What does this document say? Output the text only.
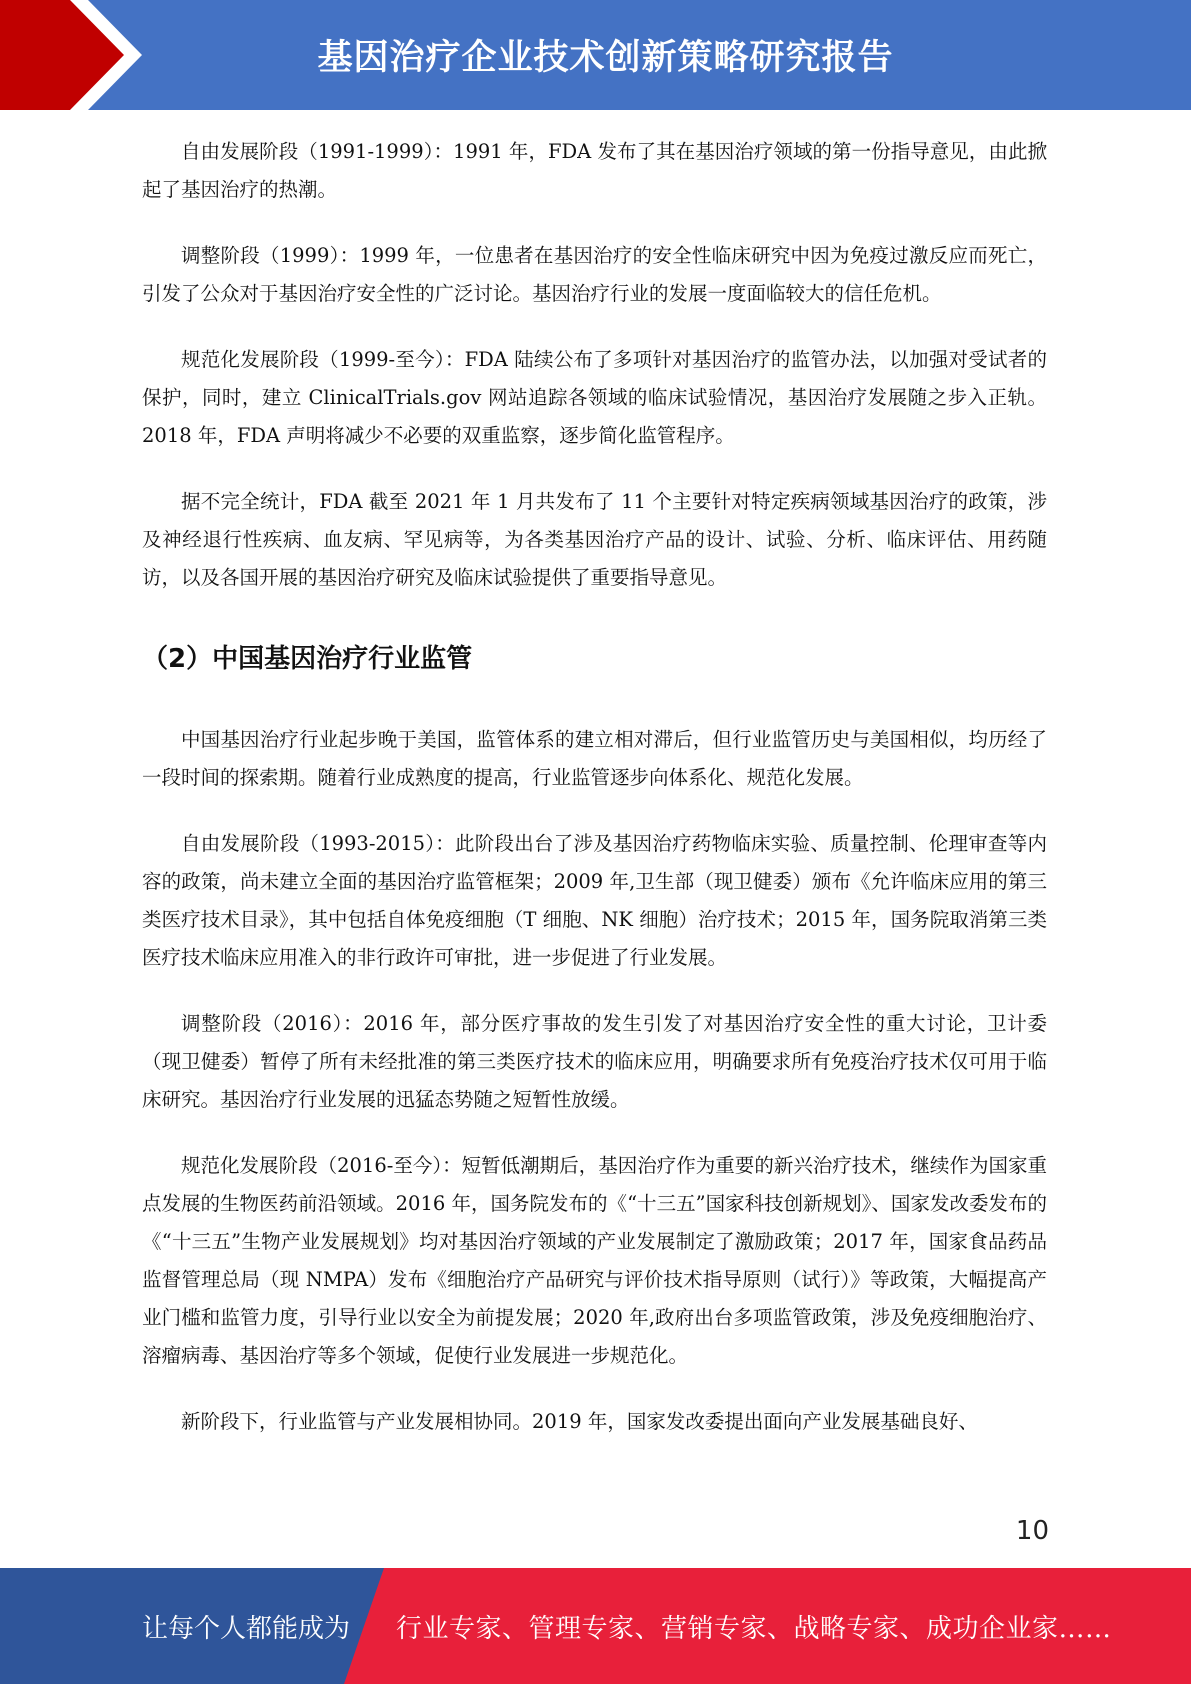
基因治疗企业技术创新策略研究报告

自由发展阶段（1991-1999）：1991 年，FDA 发布了其在基因治疗领域的第一份指导意见，由此掀起了基因治疗的热潮。

调整阶段（1999）：1999 年，一位患者在基因治疗的安全性临床研究中因为免疫过激反应而死亡，引发了公众对于基因治疗安全性的广泛讨论。基因治疗行业的发展一度面临较大的信任危机。

规范化发展阶段（1999-至今）：FDA 陆续公布了多项针对基因治疗的监管办法，以加强对受试者的保护，同时，建立 ClinicalTrials.gov 网站追踪各领域的临床试验情况，基因治疗发展随之步入正轨。2018 年，FDA 声明将减少不必要的双重监察，逐步简化监管程序。

据不完全统计，FDA 截至 2021 年 1 月共发布了 11 个主要针对特定疾病领域基因治疗的政策，涉及神经退行性疾病、血友病、罕见病等，为各类基因治疗产品的设计、试验、分析、临床评估、用药随访，以及各国开展的基因治疗研究及临床试验提供了重要指导意见。

（2）中国基因治疗行业监管

中国基因治疗行业起步晚于美国，监管体系的建立相对滞后，但行业监管历史与美国相似，均历经了一段时间的探索期。随着行业成熟度的提高，行业监管逐步向体系化、规范化发展。

自由发展阶段（1993-2015）：此阶段出台了涉及基因治疗药物临床实验、质量控制、伦理审查等内容的政策，尚未建立全面的基因治疗监管框架；2009 年,卫生部（现卫健委）颁布《允许临床应用的第三类医疗技术目录》，其中包括自体免疫细胞（T 细胞、NK 细胞）治疗技术；2015 年，国务院取消第三类医疗技术临床应用准入的非行政许可审批，进一步促进了行业发展。

调整阶段（2016）：2016 年，部分医疗事故的发生引发了对基因治疗安全性的重大讨论，卫计委（现卫健委）暂停了所有未经批准的第三类医疗技术的临床应用，明确要求所有免疫治疗技术仅可用于临床研究。基因治疗行业发展的迅猛态势随之短暂性放缓。

规范化发展阶段（2016-至今）：短暂低潮期后，基因治疗作为重要的新兴治疗技术，继续作为国家重点发展的生物医药前沿领域。2016 年，国务院发布的《“十三五”国家科技创新规划》、国家发改委发布的《“十三五”生物产业发展规划》均对基因治疗领域的产业发展制定了激励政策；2017 年，国家食品药品监督管理总局（现 NMPA）发布《细胞治疗产品研究与评价技术指导原则（试行）》等政策，大幅提高产业门槛和监管力度，引导行业以安全为前提发展；2020 年,政府出台多项监管政策，涉及免疫细胞治疗、溶瘤病毒、基因治疗等多个领域，促使行业发展进一步规范化。

新阶段下，行业监管与产业发展相协同。2019 年，国家发改委提出面向产业发展基础良好、

10
让每个人都能成为 行业专家、管理专家、营销专家、战略专家、成功企业家……
